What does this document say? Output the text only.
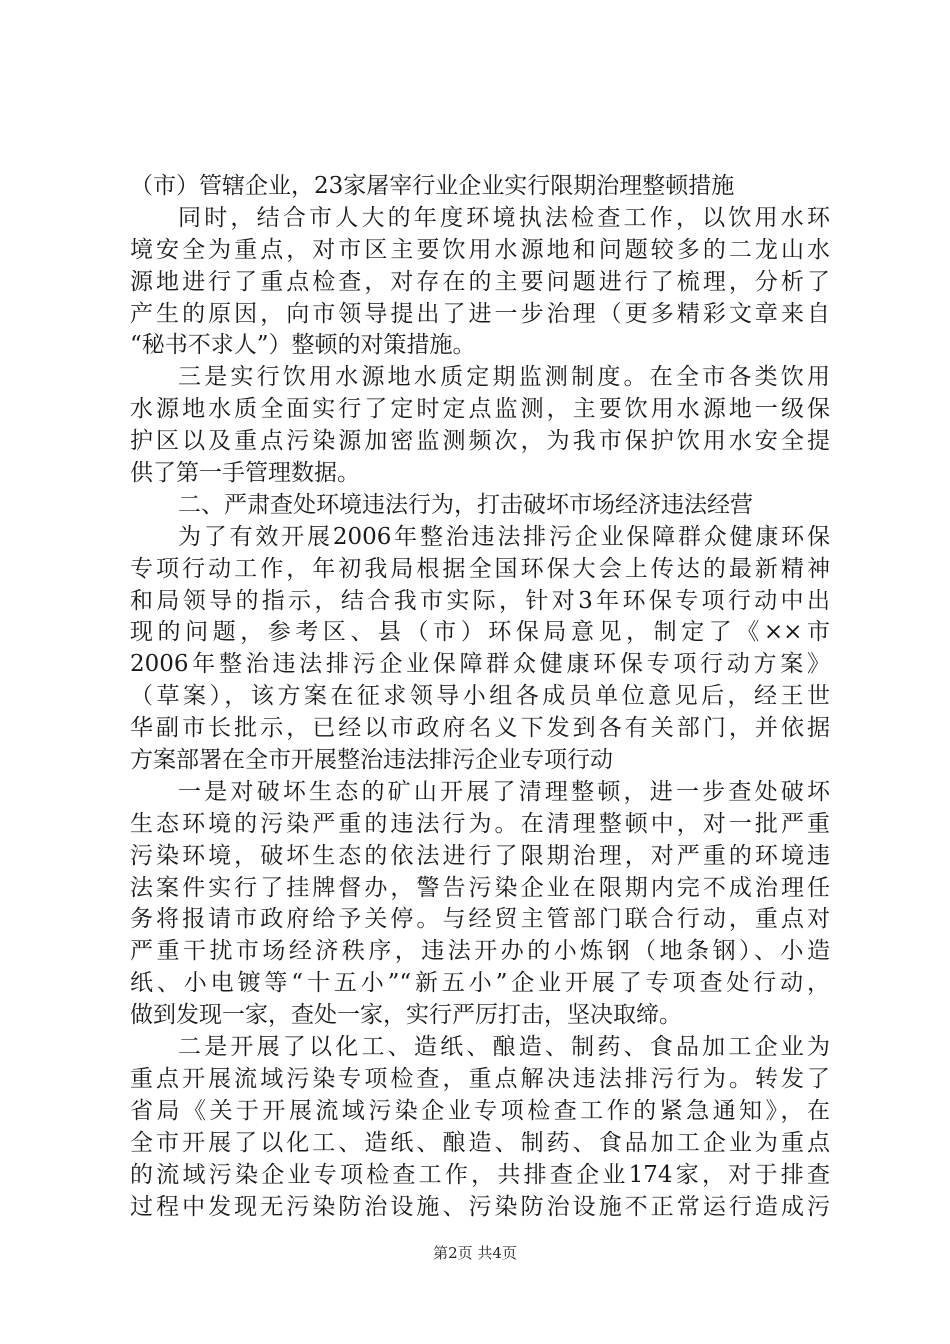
（市）管辖企业，23家屠宰行业企业实行限期治理整顿措施
同时，结合市人大的年度环境执法检查工作，以饮用水环
境安全为重点，对市区主要饮用水源地和问题较多的二龙山水
源地进行了重点检查，对存在的主要问题进行了梳理，分析了
产生的原因，向市领导提出了进一步治理（更多精彩文章来自
“秘书不求人”）整顿的对策措施。
三是实行饮用水源地水质定期监测制度。在全市各类饮用
水源地水质全面实行了定时定点监测，主要饮用水源地一级保
护区以及重点污染源加密监测频次，为我市保护饮用水安全提
供了第一手管理数据。
二、严肃查处环境违法行为，打击破坏市场经济违法经营
为了有效开展2006年整治违法排污企业保障群众健康环保
专项行动工作，年初我局根据全国环保大会上传达的最新精神
和局领导的指示，结合我市实际，针对3年环保专项行动中出
现的问题，参考区、县（市）环保局意见，制定了《××市
2006年整治违法排污企业保障群众健康环保专项行动方案》
（草案），该方案在征求领导小组各成员单位意见后，经王世
华副市长批示，已经以市政府名义下发到各有关部门，并依据
方案部署在全市开展整治违法排污企业专项行动
一是对破坏生态的矿山开展了清理整顿，进一步查处破坏
生态环境的污染严重的违法行为。在清理整顿中，对一批严重
污染环境，破坏生态的依法进行了限期治理，对严重的环境违
法案件实行了挂牌督办，警告污染企业在限期内完不成治理任
务将报请市政府给予关停。与经贸主管部门联合行动，重点对
严重干扰市场经济秩序，违法开办的小炼钢（地条钢）、小造
纸、小电镀等“十五小”“新五小”企业开展了专项查处行动，
做到发现一家，查处一家，实行严厉打击，坚决取缔。
二是开展了以化工、造纸、酿造、制药、食品加工企业为
重点开展流域污染专项检查，重点解决违法排污行为。转发了
省局《关于开展流域污染企业专项检查工作的紧急通知》，在
全市开展了以化工、造纸、酿造、制药、食品加工企业为重点
的流域污染企业专项检查工作，共排查企业174家，对于排查
过程中发现无污染防治设施、污染防治设施不正常运行造成污
第2页 共4页
